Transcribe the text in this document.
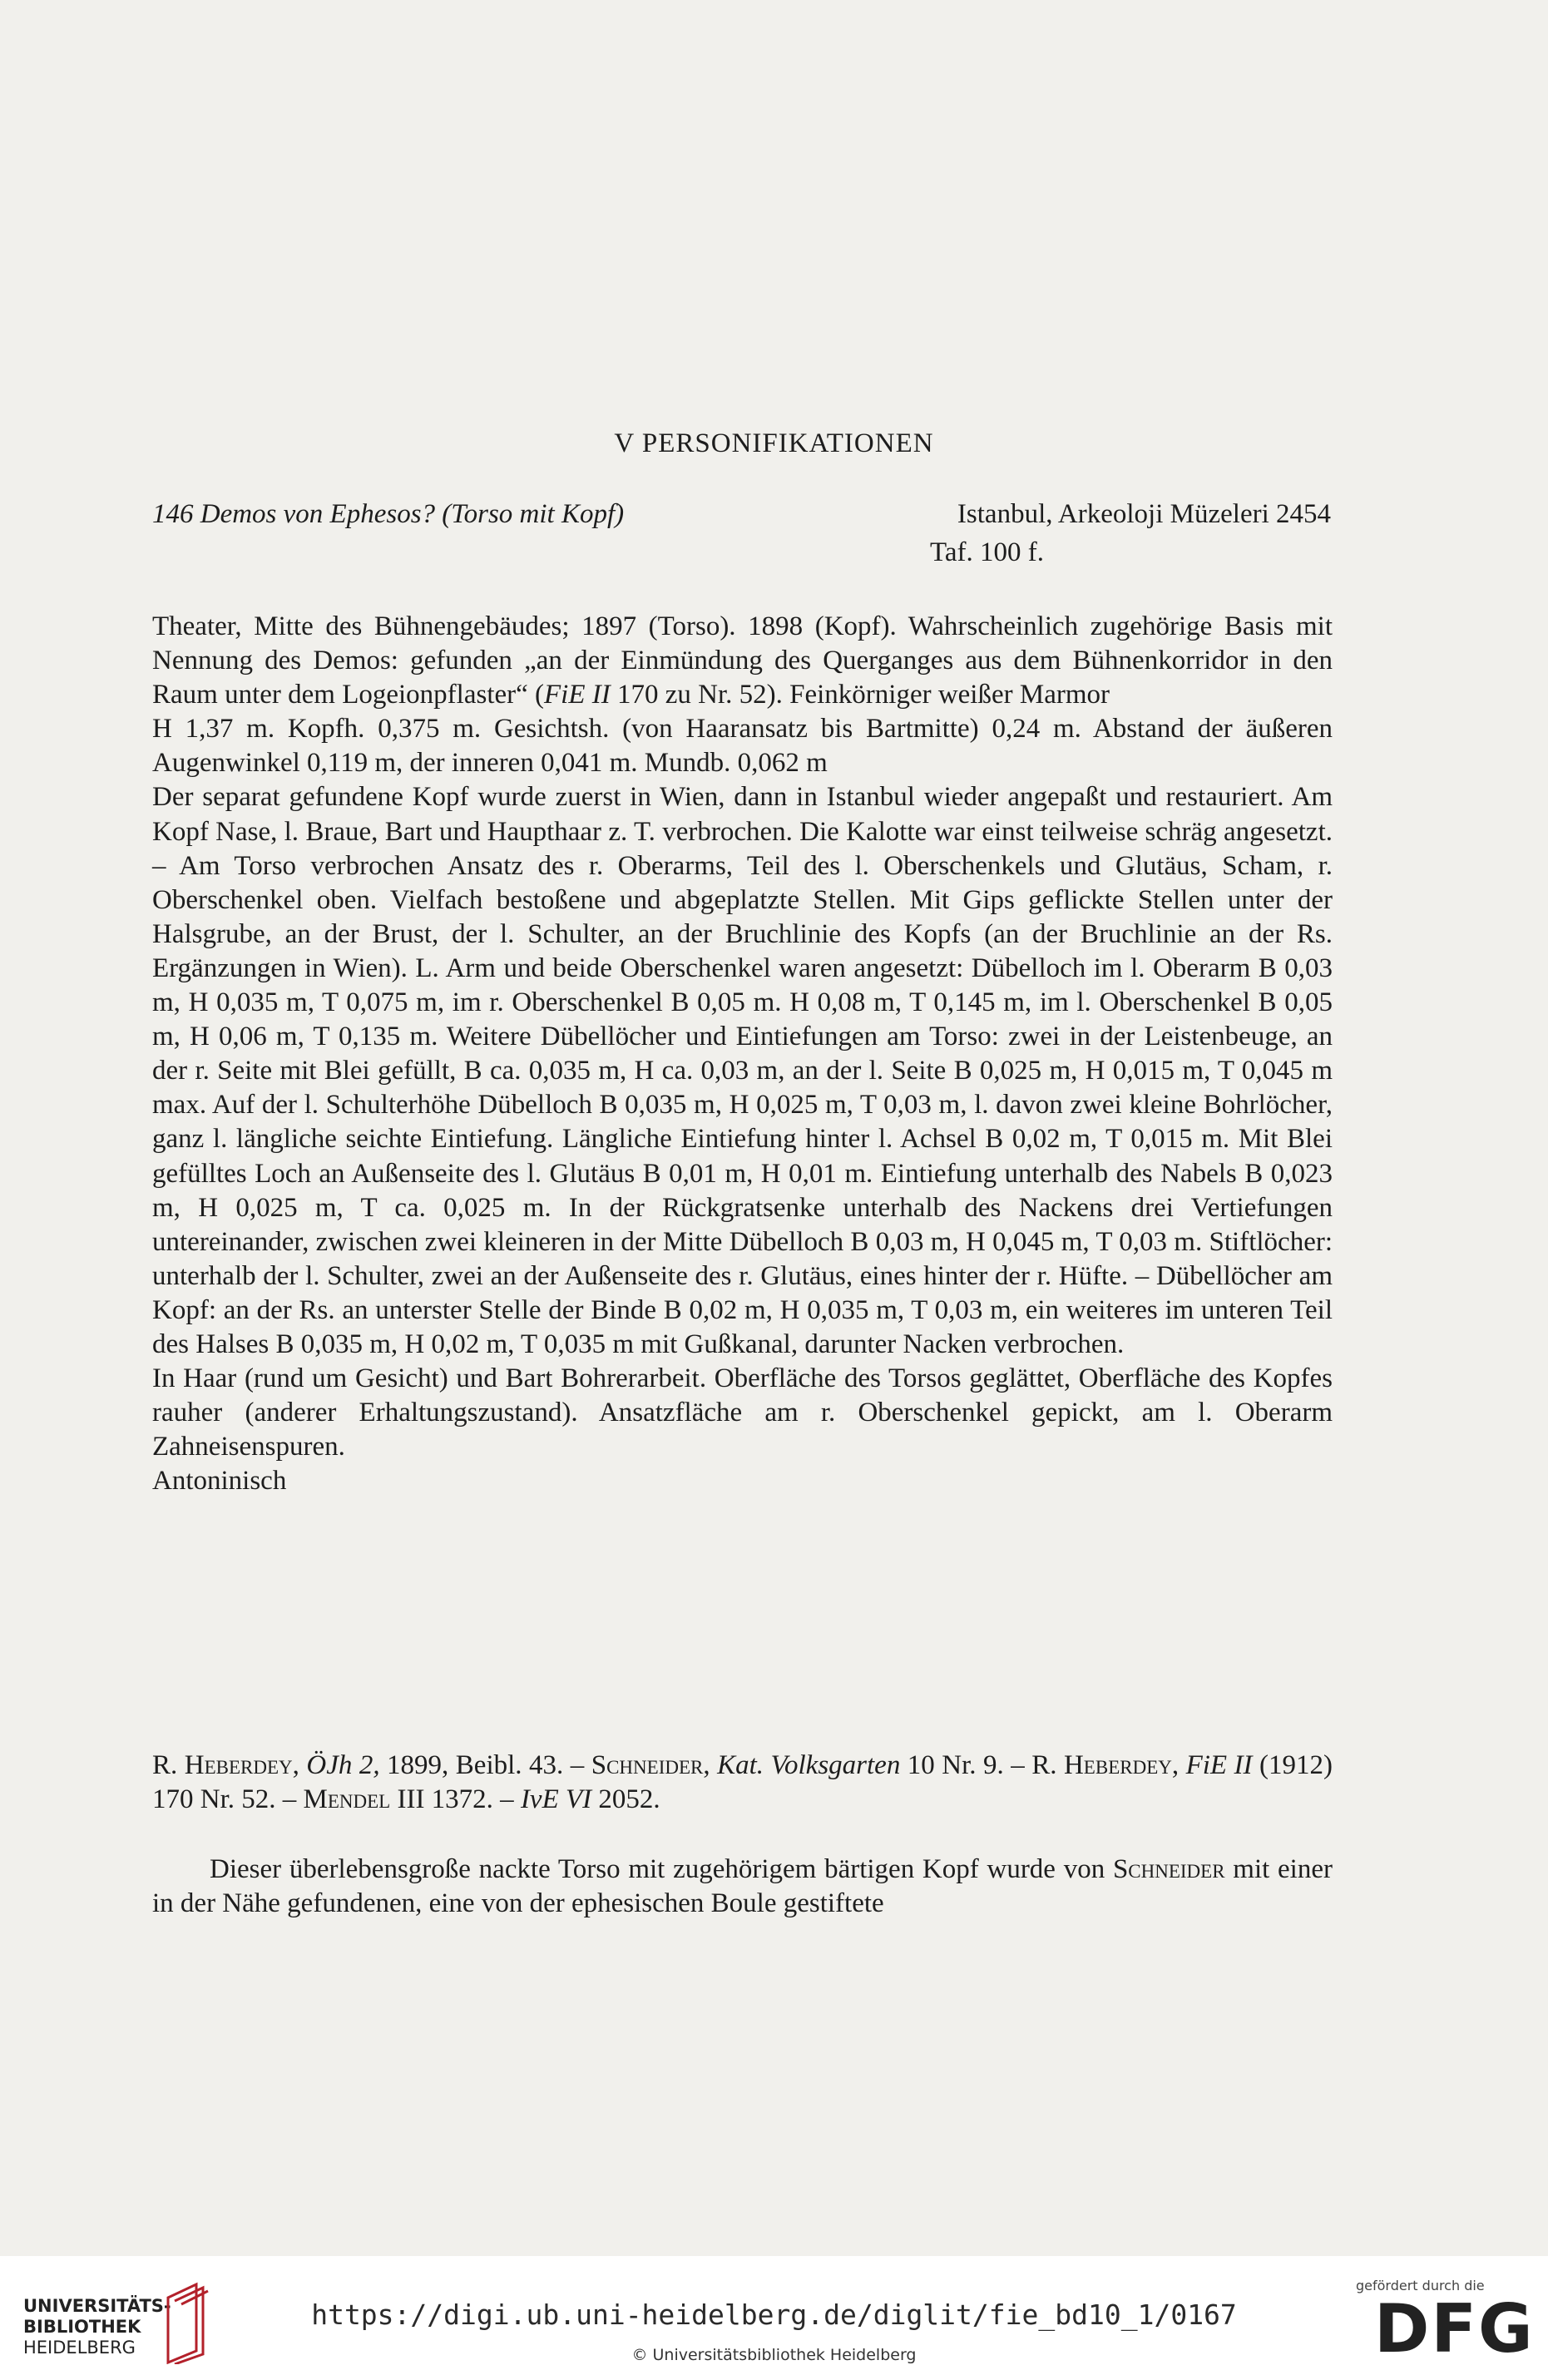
V PERSONIFIKATIONEN
146 Demos von Ephesos? (Torso mit Kopf)	Istanbul, Arkeoloji Müzeleri 2454
Taf. 100 f.

Theater, Mitte des Bühnengebäudes; 1897 (Torso). 1898 (Kopf). Wahrscheinlich zugehörige Basis mit Nennung des Demos: gefunden „an der Einmündung des Querganges aus dem Bühnenkorridor in den Raum unter dem Logeionpflaster“ (FiE II 170 zu Nr. 52). Feinkörniger weißer Marmor

H 1,37 m. Kopfh. 0,375 m. Gesichtsh. (von Haaransatz bis Bartmitte) 0,24 m. Abstand der äußeren Augenwinkel 0,119 m, der inneren 0,041 m. Mundb. 0,062 m

Der separat gefundene Kopf wurde zuerst in Wien, dann in Istanbul wieder angepaßt und restauriert. Am Kopf Nase, l. Braue, Bart und Haupthaar z. T. verbrochen. Die Kalotte war einst teilweise schräg angesetzt. – Am Torso verbrochen Ansatz des r. Oberarms, Teil des l. Oberschenkels und Glutäus, Scham, r. Oberschenkel oben. Vielfach bestoßene und abgeplatzte Stellen. Mit Gips geflickte Stellen unter der Halsgrube, an der Brust, der l. Schulter, an der Bruchlinie des Kopfs (an der Bruchlinie an der Rs. Ergänzungen in Wien). L. Arm und beide Oberschenkel waren angesetzt: Dübelloch im l. Oberarm B 0,03 m, H 0,035 m, T 0,075 m, im r. Oberschenkel B 0,05 m. H 0,08 m, T 0,145 m, im l. Oberschenkel B 0,05 m, H 0,06 m, T 0,135 m. Weitere Dübellöcher und Eintiefungen am Torso: zwei in der Leistenbeuge, an der r. Seite mit Blei gefüllt, B ca. 0,035 m, H ca. 0,03 m, an der l. Seite B 0,025 m, H 0,015 m, T 0,045 m max. Auf der l. Schulterhöhe Dübelloch B 0,035 m, H 0,025 m, T 0,03 m, l. davon zwei kleine Bohrlöcher, ganz l. längliche seichte Eintiefung. Längliche Eintiefung hinter l. Achsel B 0,02 m, T 0,015 m. Mit Blei gefülltes Loch an Außenseite des l. Glutäus B 0,01 m, H 0,01 m. Eintiefung unterhalb des Nabels B 0,023 m, H 0,025 m, T ca. 0,025 m. In der Rückgratsenke unterhalb des Nackens drei Vertiefungen untereinander, zwischen zwei kleineren in der Mitte Dübelloch B 0,03 m, H 0,045 m, T 0,03 m. Stiftlöcher: unterhalb der l. Schulter, zwei an der Außenseite des r. Glutäus, eines hinter der r. Hüfte. – Dübellöcher am Kopf: an der Rs. an unterster Stelle der Binde B 0,02 m, H 0,035 m, T 0,03 m, ein weiteres im unteren Teil des Halses B 0,035 m, H 0,02 m, T 0,035 m mit Gußkanal, darunter Nacken verbrochen.

In Haar (rund um Gesicht) und Bart Bohrerarbeit. Oberfläche des Torsos geglättet, Oberfläche des Kopfes rauher (anderer Erhaltungszustand). Ansatzfläche am r. Oberschenkel gepickt, am l. Oberarm Zahneisenspuren.

Antoninisch

R. Heberdey, ÖJh 2, 1899, Beibl. 43. – Schneider, Kat. Volksgarten 10 Nr. 9. – R. Heberdey, FiE II (1912) 170 Nr. 52. – Mendel III 1372. – IvE VI 2052.

Dieser überlebensgroße nackte Torso mit zugehörigem bärtigen Kopf wurde von Schneider mit einer in der Nähe gefundenen, eine von der ephesischen Boule gestiftete

UNIVERSITÄTS-
BIBLIOTHEK
HEIDELBERG
https://digi.ub.uni-heidelberg.de/diglit/fie_bd10_1/0167
© Universitätsbibliothek Heidelberg
gefördert durch die
DFG
